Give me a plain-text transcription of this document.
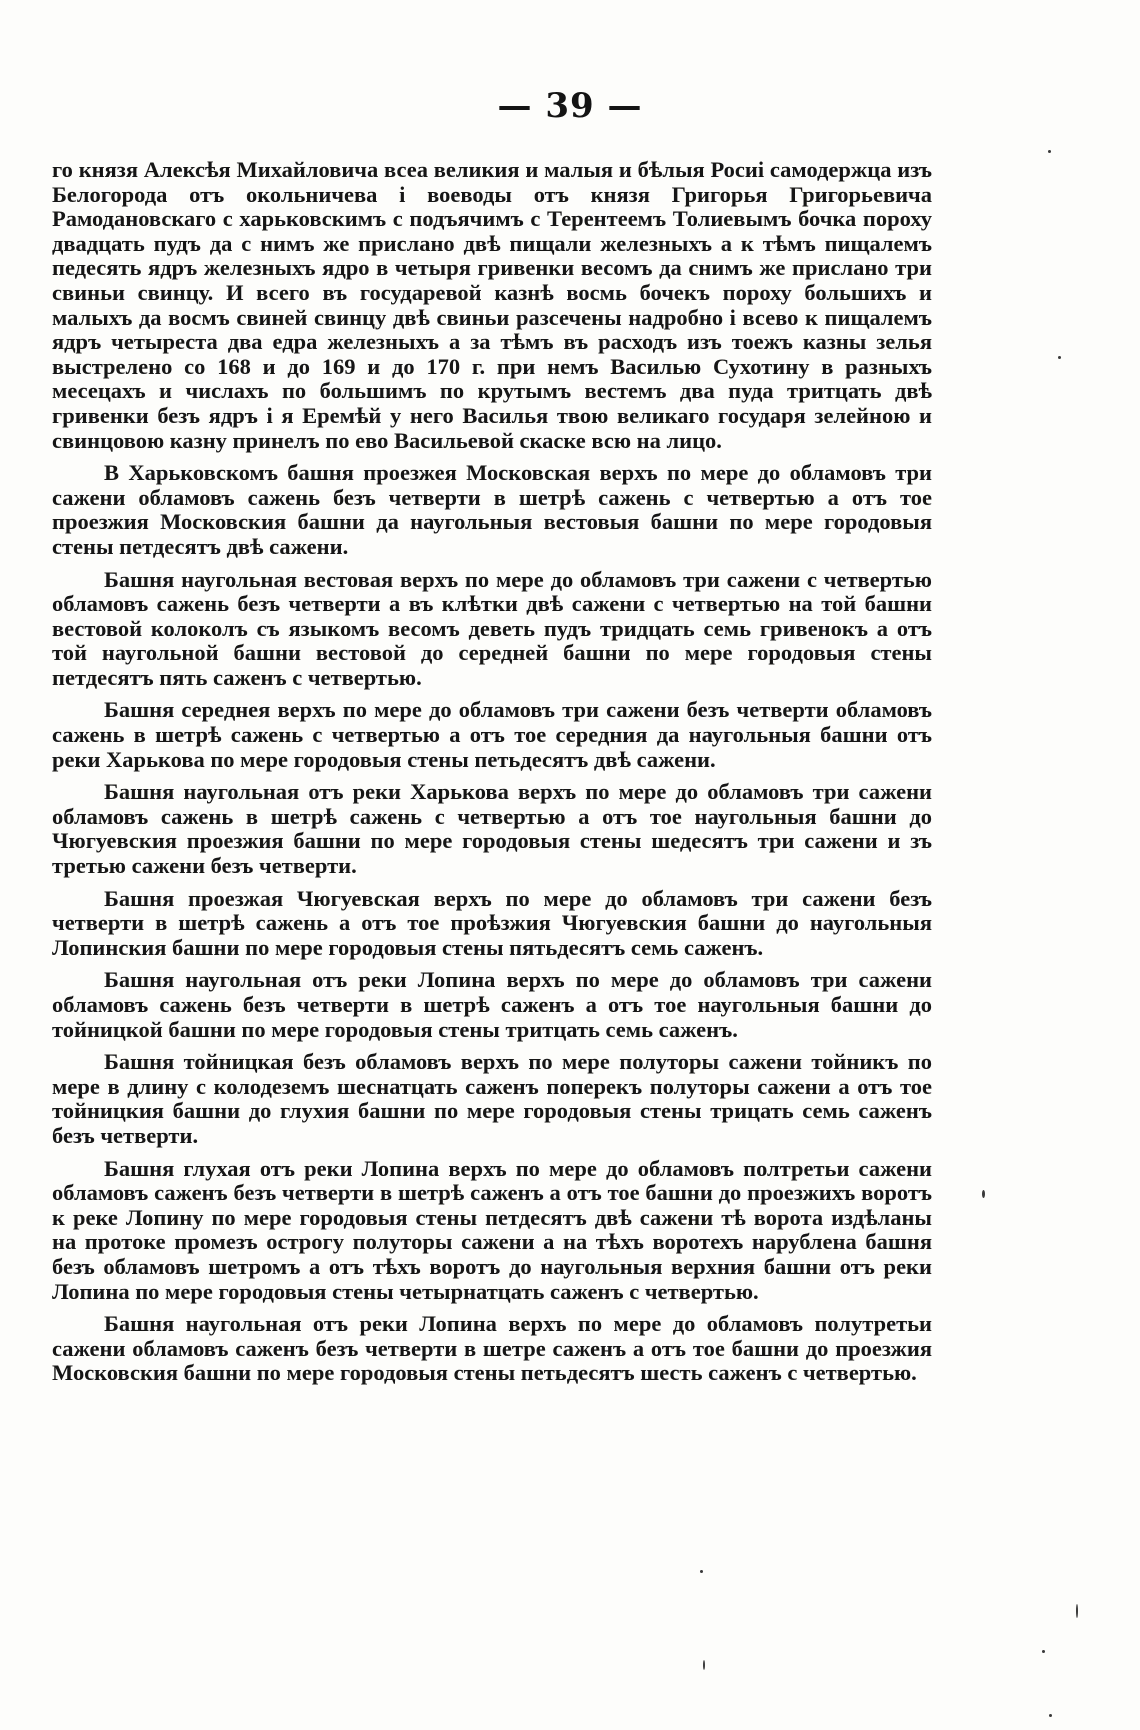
— 39 —

го князя Алексѣя Михайловича всеа великия и малыя и бѣлыя Росиі самодержца изъ Белогорода отъ окольничева і воеводы отъ князя Григорья Григорьевича Рамодановскаго с харьковскимъ с подъячимъ с Терентеемъ Толиевымъ бочка пороху двадцать пудъ да с нимъ же прислано двѣ пищали железныхъ а к тѣмъ пищалемъ педесять ядръ железныхъ ядро в четыря гривенки весомъ да снимъ же прислано три свиньи свинцу. И всего въ государевой казнѣ восмь бочекъ пороху большихъ и малыхъ да восмъ свиней свинцу двѣ свиньи разсечены надробно і всево к пищалемъ ядръ четыреста два едра железныхъ а за тѣмъ въ расходъ изъ тоежъ казны зелья выстрелено со 168 и до 169 и до 170 г. при немъ Василью Сухотину в разныхъ месецахъ и числахъ по большимъ по крутымъ вестемъ два пуда тритцать двѣ гривенки безъ ядръ і я Еремѣй у него Василья твою великаго государя зелейною и свинцовою казну принелъ по ево Васильевой скаске всю на лицо.

В Харьковскомъ башня проезжея Московская верхъ по мере до обламовъ три сажени обламовъ сажень безъ четверти в шетрѣ сажень с четвертью а отъ тое проезжия Московския башни да наугольныя вестовыя башни по мере городовыя стены петдесятъ двѣ сажени.

Башня наугольная вестовая верхъ по мере до обламовъ три сажени с четвертью обламовъ сажень безъ четверти а въ клѣтки двѣ сажени с четвертью на той башни вестовой колоколъ съ языкомъ весомъ деветь пудъ тридцать семь гривенокъ а отъ той наугольной башни вестовой до середней башни по мере городовыя стены петдесятъ пять саженъ с четвертью.

Башня середнея верхъ по мере до обламовъ три сажени безъ четверти обламовъ сажень в шетрѣ сажень с четвертью а отъ тое середния да наугольныя башни отъ реки Харькова по мере городовыя стены петьдесятъ двѣ сажени.

Башня наугольная отъ реки Харькова верхъ по мере до обламовъ три сажени обламовъ сажень в шетрѣ сажень с четвертью а отъ тое наугольныя башни до Чюгуевския проезжия башни по мере городовыя стены шедесятъ три сажени и зъ третью сажени безъ четверти.

Башня проезжая Чюгуевская верхъ по мере до обламовъ три сажени безъ четверти в шетрѣ сажень а отъ тое проѣзжия Чюгуевския башни до наугольныя Лопинския башни по мере городовыя стены пятьдесятъ семь саженъ.

Башня наугольная отъ реки Лопина верхъ по мере до обламовъ три сажени обламовъ сажень безъ четверти в шетрѣ саженъ а отъ тое наугольныя башни до тойницкой башни по мере городовыя стены тритцать семь саженъ.

Башня тойницкая безъ обламовъ верхъ по мере полуторы сажени тойникъ по мере в длину с колодеземъ шеснатцать саженъ поперекъ полуторы сажени а отъ тое тойницкия башни до глухия башни по мере городовыя стены трицать семь саженъ безъ четверти.

Башня глухая отъ реки Лопина верхъ по мере до обламовъ полтретьи сажени обламовъ саженъ безъ четверти в шетрѣ саженъ а отъ тое башни до проезжихъ воротъ к реке Лопину по мере городовыя стены петдесятъ двѣ сажени тѣ ворота издѣланы на протоке промезъ острогу полуторы сажени а на тѣхъ воротехъ нарублена башня безъ обламовъ шетромъ а отъ тѣхъ воротъ до наугольныя верхния башни отъ реки Лопина по мере городовыя стены четырнатцать саженъ с четвертью.

Башня наугольная отъ реки Лопина верхъ по мере до обламовъ полутретьи сажени обламовъ саженъ безъ четверти в шетре саженъ а отъ тое башни до проезжия Московския башни по мере городовыя стены петьдесятъ шесть саженъ с четвертью.
